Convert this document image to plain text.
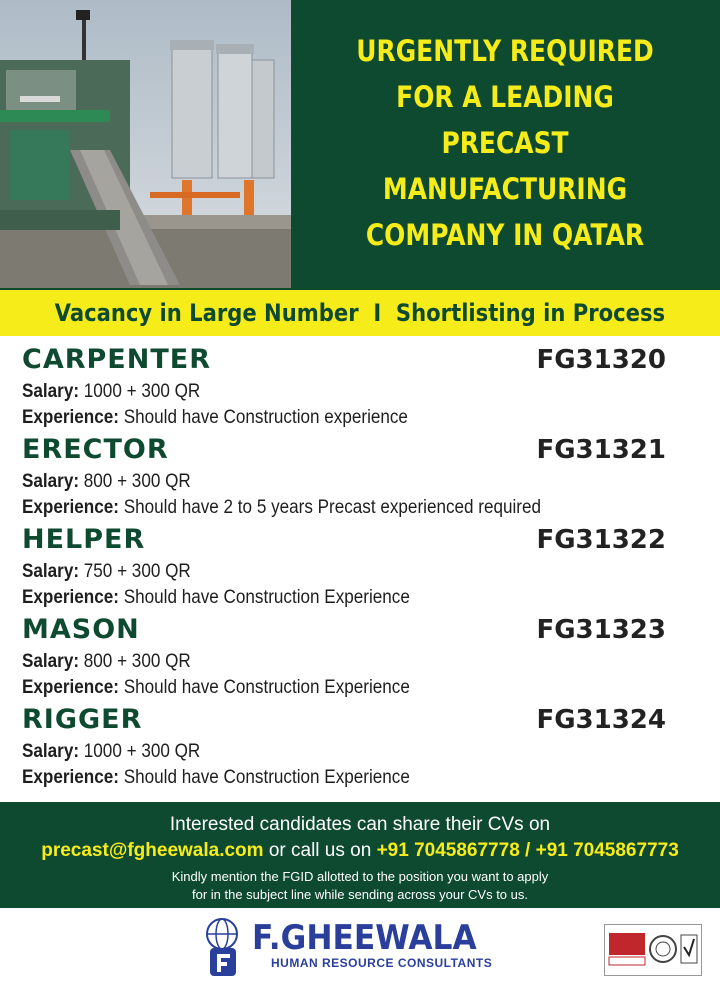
URGENTLY REQUIRED
FOR A LEADING
PRECAST
MANUFACTURING
COMPANY IN QATAR
Vacancy in Large Number I Shortlisting in Process
CARPENTER	FG31320
Salary: 1000 + 300 QR
Experience: Should have Construction experience
ERECTOR	FG31321
Salary: 800 + 300 QR
Experience: Should have 2 to 5 years Precast experienced required
HELPER	FG31322
Salary: 750 + 300 QR
Experience: Should have Construction Experience
MASON	FG31323
Salary: 800 + 300 QR
Experience: Should have Construction Experience
RIGGER	FG31324
Salary: 1000 + 300 QR
Experience: Should have Construction Experience
Interested candidates can share their CVs on
precast@fgheewala.com or call us on +91 7045867778 / +91 7045867773
Kindly mention the FGID allotted to the position you want to apply
for in the subject line while sending across your CVs to us.
F.GHEEWALA
HUMAN RESOURCE CONSULTANTS
